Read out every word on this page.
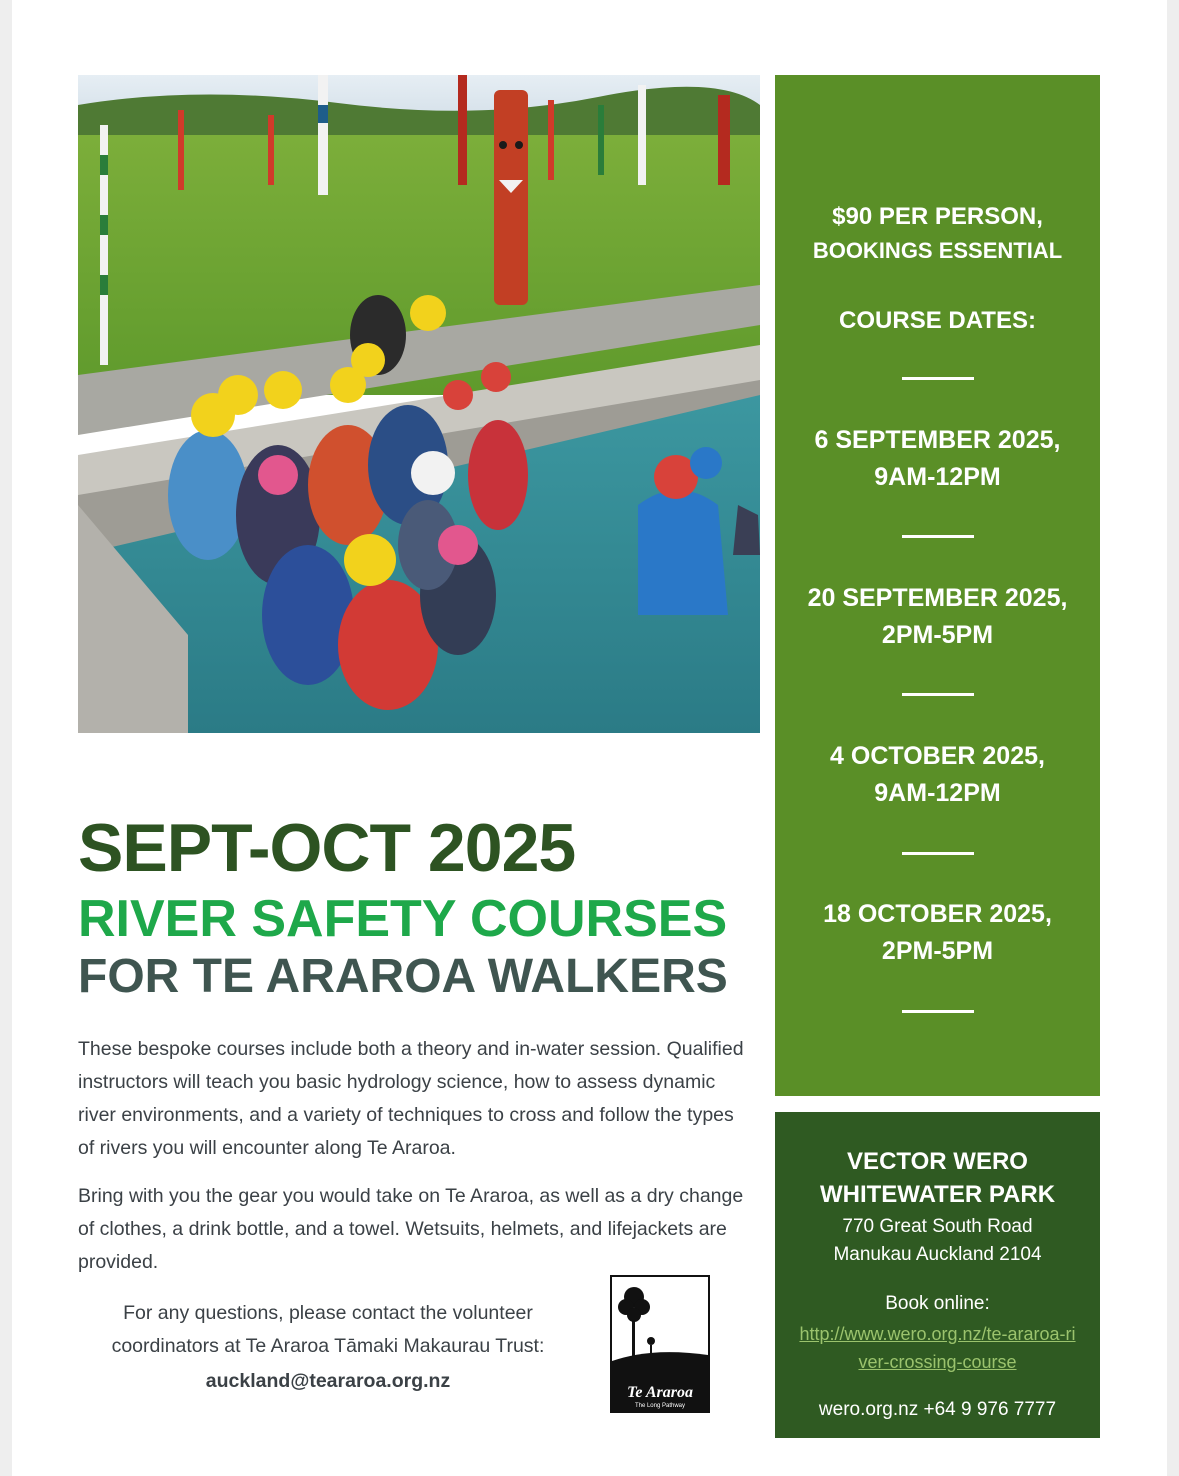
$90 PER PERSON,
BOOKINGS ESSENTIAL
COURSE DATES:
6 SEPTEMBER 2025,
9AM-12PM
20 SEPTEMBER 2025,
2PM-5PM
4 OCTOBER 2025,
9AM-12PM
18 OCTOBER 2025,
2PM-5PM
VECTOR WERO
WHITEWATER PARK
770 Great South Road
Manukau Auckland 2104
Book online:
http://www.wero.org.nz/te-araroa-river-crossing-course
wero.org.nz +64 9 976 7777
SEPT-OCT 2025
RIVER SAFETY COURSES
FOR TE ARAROA WALKERS

These bespoke courses include both a theory and in-water session. Qualified instructors will teach you basic hydrology science, how to assess dynamic river environments, and a variety of techniques to cross and follow the types of rivers you will encounter along Te Araroa.

Bring with you the gear you would take on Te Araroa, as well as a dry change of clothes, a drink bottle, and a towel. Wetsuits, helmets, and lifejackets are provided.

For any questions, please contact the volunteer coordinators at Te Araroa Tāmaki Makaurau Trust:
auckland@teararoa.org.nz
Te Araroa
The Long Pathway
